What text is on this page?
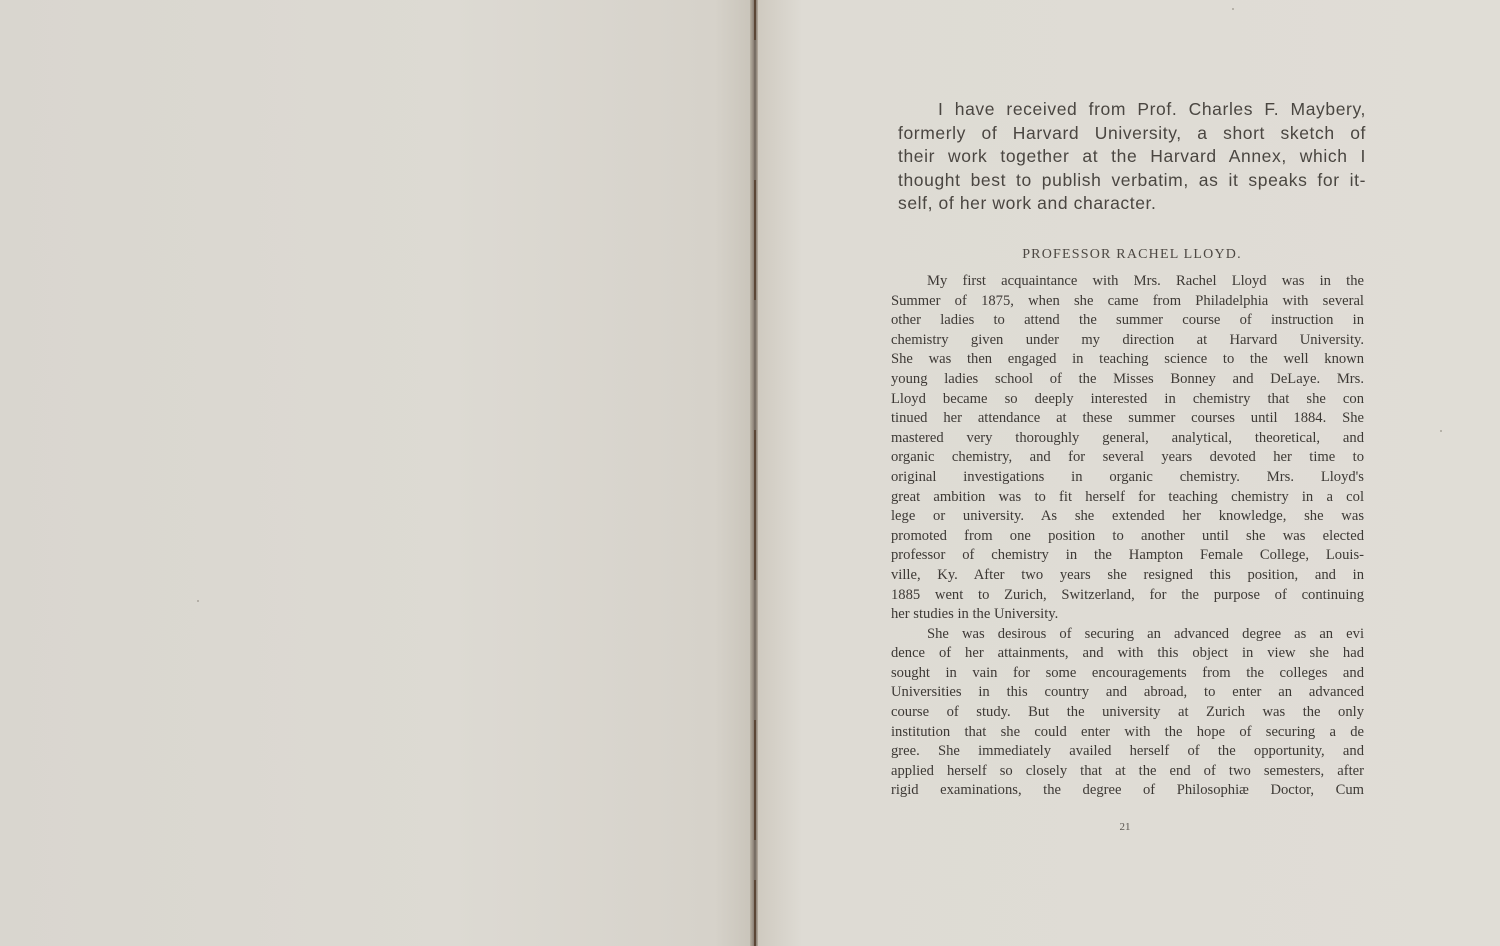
I have received from Prof. Charles F. Maybery,
formerly of Harvard University, a short sketch of
their work together at the Harvard Annex, which I
thought best to publish verbatim, as it speaks for it-
self, of her work and character.
PROFESSOR RACHEL LLOYD.
My first acquaintance with Mrs. Rachel Lloyd was in the
Summer of 1875, when she came from Philadelphia with several
other ladies to attend the summer course of instruction in
chemistry given under my direction at Harvard University.
She was then engaged in teaching science to the well known
young ladies school of the Misses Bonney and DeLaye. Mrs.
Lloyd became so deeply interested in chemistry that she con
tinued her attendance at these summer courses until 1884. She
mastered very thoroughly general, analytical, theoretical, and
organic chemistry, and for several years devoted her time to
original investigations in organic chemistry. Mrs. Lloyd's
great ambition was to fit herself for teaching chemistry in a col
lege or university. As she extended her knowledge, she was
promoted from one position to another until she was elected
professor of chemistry in the Hampton Female College, Louis-
ville, Ky. After two years she resigned this position, and in
1885 went to Zurich, Switzerland, for the purpose of continuing
her studies in the University.
She was desirous of securing an advanced degree as an evi
dence of her attainments, and with this object in view she had
sought in vain for some encouragements from the colleges and
Universities in this country and abroad, to enter an advanced
course of study. But the university at Zurich was the only
institution that she could enter with the hope of securing a de
gree. She immediately availed herself of the opportunity, and
applied herself so closely that at the end of two semesters, after
rigid examinations, the degree of Philosophiæ Doctor, Cum
21
